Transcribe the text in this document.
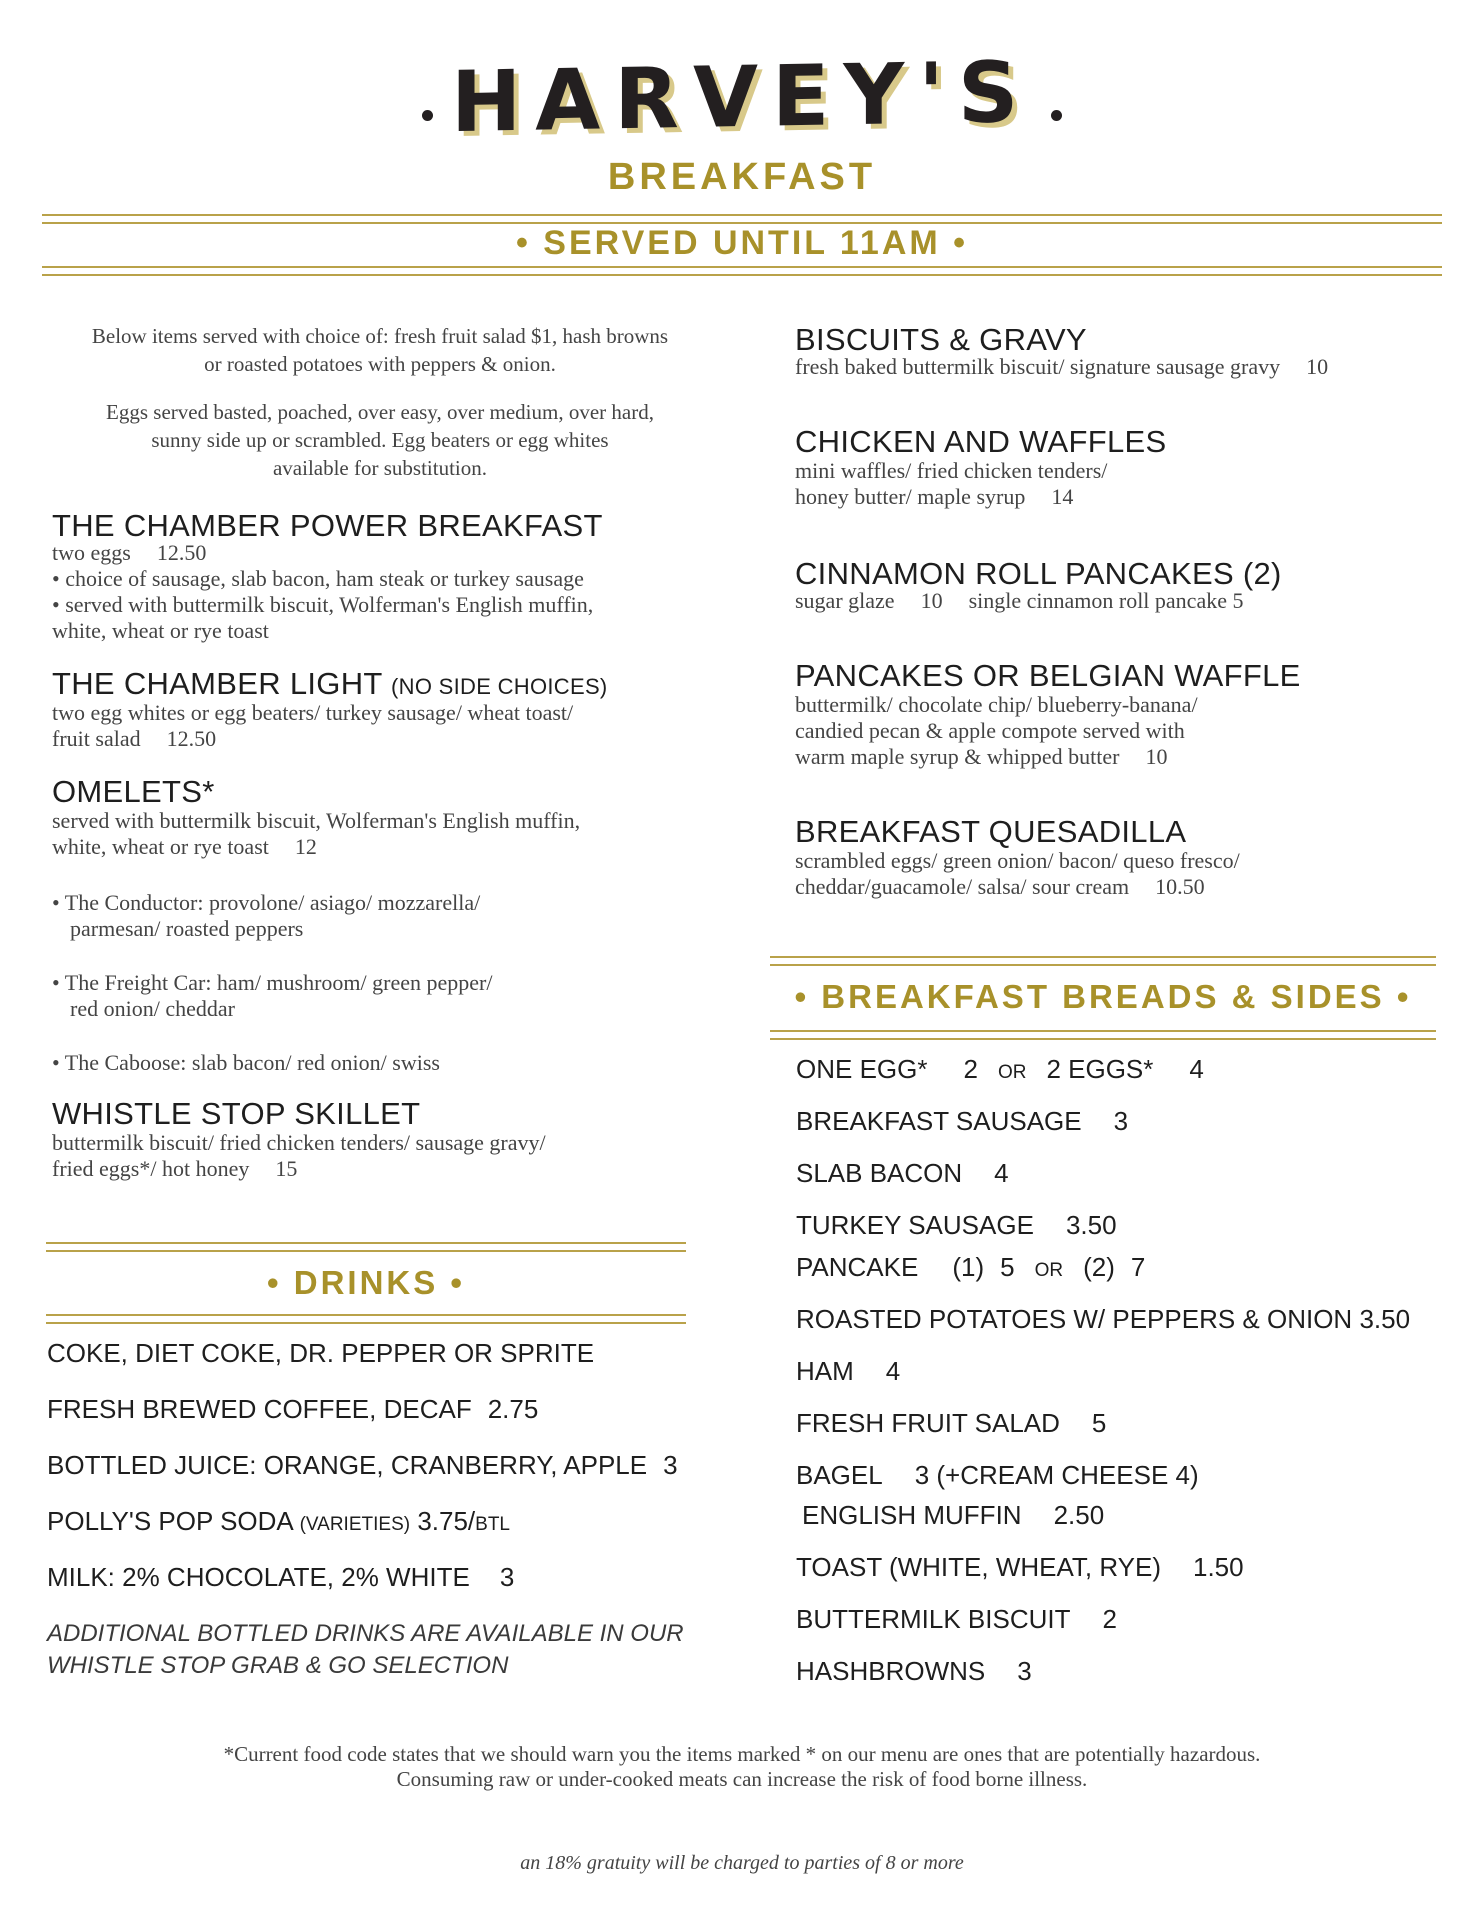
HARVEY'S
BREAKFAST
• SERVED UNTIL 11AM •
Below items served with choice of: fresh fruit salad $1, hash browns
or roasted potatoes with peppers & onion.
Eggs served basted, poached, over easy, over medium, over hard,
sunny side up or scrambled. Egg beaters or egg whites
available for substitution.
THE CHAMBER POWER BREAKFAST
two eggs 12.50
• choice of sausage, slab bacon, ham steak or turkey sausage
• served with buttermilk biscuit, Wolferman's English muffin,
white, wheat or rye toast
THE CHAMBER LIGHT (NO SIDE CHOICES)
two egg whites or egg beaters/ turkey sausage/ wheat toast/
fruit salad 12.50
OMELETS*
served with buttermilk biscuit, Wolferman's English muffin,
white, wheat or rye toast 12
• The Conductor: provolone/ asiago/ mozzarella/
parmesan/ roasted peppers
• The Freight Car: ham/ mushroom/ green pepper/
red onion/ cheddar
• The Caboose: slab bacon/ red onion/ swiss
WHISTLE STOP SKILLET
buttermilk biscuit/ fried chicken tenders/ sausage gravy/
fried eggs*/ hot honey 15
• DRINKS •
COKE, DIET COKE, DR. PEPPER OR SPRITE
FRESH BREWED COFFEE, DECAF 2.75
BOTTLED JUICE: ORANGE, CRANBERRY, APPLE 3
POLLY'S POP SODA (VARIETIES) 3.75/BTL
MILK: 2% CHOCOLATE, 2% WHITE 3
ADDITIONAL BOTTLED DRINKS ARE AVAILABLE IN OUR
WHISTLE STOP GRAB & GO SELECTION
BISCUITS & GRAVY
fresh baked buttermilk biscuit/ signature sausage gravy 10
CHICKEN AND WAFFLES
mini waffles/ fried chicken tenders/
honey butter/ maple syrup 14
CINNAMON ROLL PANCAKES (2)
sugar glaze 10 single cinnamon roll pancake 5
PANCAKES OR BELGIAN WAFFLE
buttermilk/ chocolate chip/ blueberry-banana/
candied pecan & apple compote served with
warm maple syrup & whipped butter 10
BREAKFAST QUESADILLA
scrambled eggs/ green onion/ bacon/ queso fresco/
cheddar/guacamole/ salsa/ sour cream 10.50
• BREAKFAST BREADS & SIDES •
ONE EGG* 2 OR 2 EGGS* 4
BREAKFAST SAUSAGE 3
SLAB BACON 4
TURKEY SAUSAGE 3.50
PANCAKE (1) 5 OR (2) 7
ROASTED POTATOES W/ PEPPERS & ONION 3.50
HAM 4
FRESH FRUIT SALAD 5
BAGEL 3 (+CREAM CHEESE 4)
ENGLISH MUFFIN 2.50
TOAST (WHITE, WHEAT, RYE) 1.50
BUTTERMILK BISCUIT 2
HASHBROWNS 3
*Current food code states that we should warn you the items marked * on our menu are ones that are potentially hazardous.
Consuming raw or under-cooked meats can increase the risk of food borne illness.
an 18% gratuity will be charged to parties of 8 or more
